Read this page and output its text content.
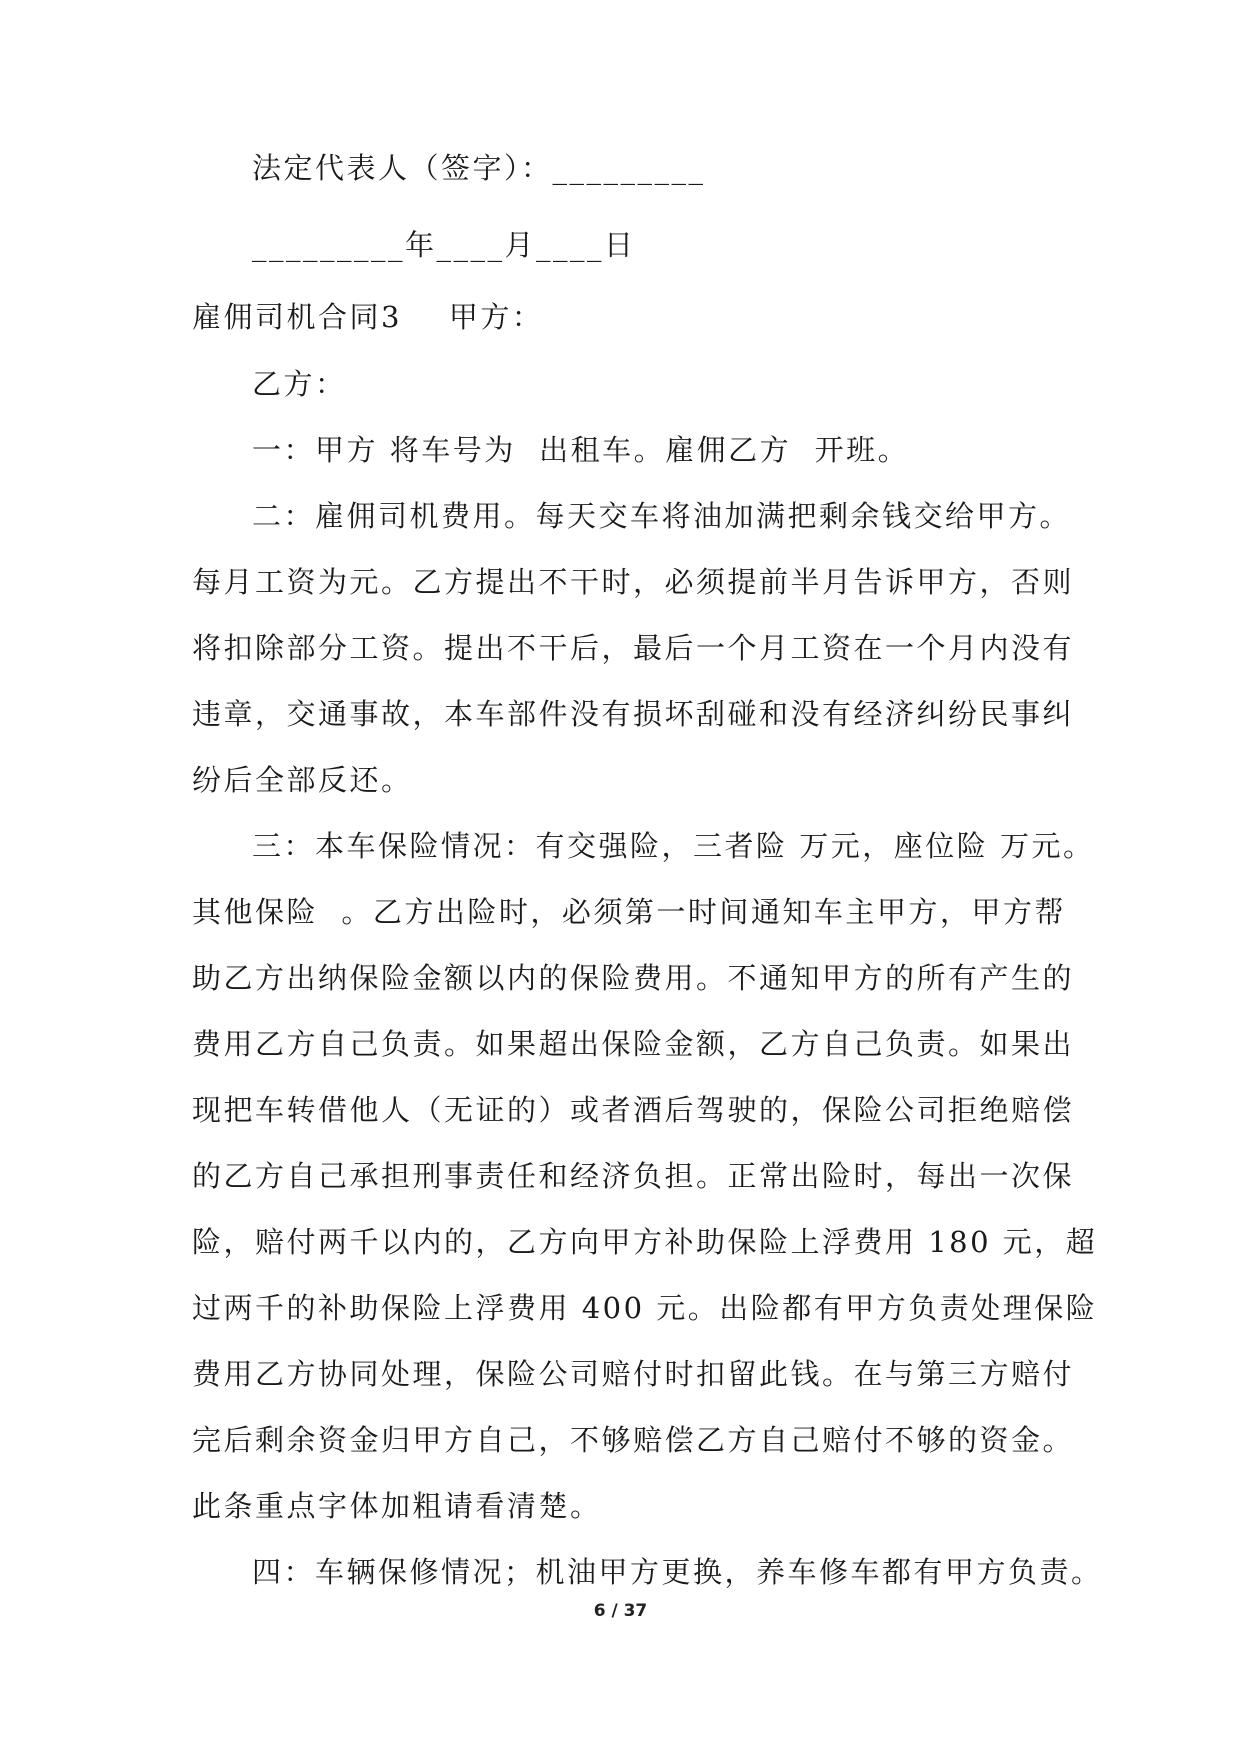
法定代表人（签字）：_________
_________年____月____日
雇佣司机合同3    甲方：
乙方：
一：甲方 将车号为  出租车。雇佣乙方  开班。
二：雇佣司机费用。每天交车将油加满把剩余钱交给甲方。
每月工资为元。乙方提出不干时，必须提前半月告诉甲方，否则
将扣除部分工资。提出不干后，最后一个月工资在一个月内没有
违章，交通事故，本车部件没有损坏刮碰和没有经济纠纷民事纠
纷后全部反还。
三：本车保险情况：有交强险，三者险 万元，座位险 万元。
其他保险  。乙方出险时，必须第一时间通知车主甲方，甲方帮
助乙方出纳保险金额以内的保险费用。不通知甲方的所有产生的
费用乙方自己负责。如果超出保险金额，乙方自己负责。如果出
现把车转借他人（无证的）或者酒后驾驶的，保险公司拒绝赔偿
的乙方自己承担刑事责任和经济负担。正常出险时，每出一次保
险，赔付两千以内的，乙方向甲方补助保险上浮费用 180 元，超
过两千的补助保险上浮费用 400 元。出险都有甲方负责处理保险
费用乙方协同处理，保险公司赔付时扣留此钱。在与第三方赔付
完后剩余资金归甲方自己，不够赔偿乙方自己赔付不够的资金。
此条重点字体加粗请看清楚。
四：车辆保修情况；机油甲方更换，养车修车都有甲方负责。
6 / 37
